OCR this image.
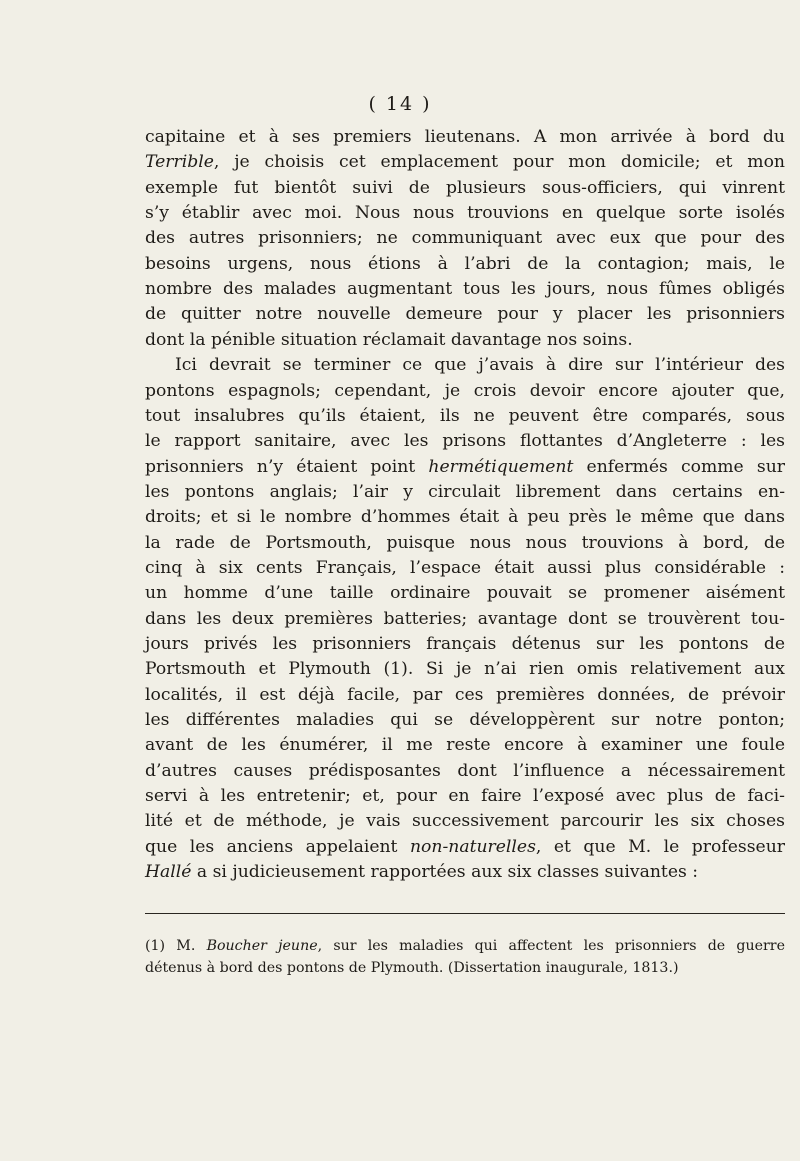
( 14 )
capitaine et à ses premiers lieutenans. A mon arrivée à bord du
Terrible, je choisis cet emplacement pour mon domicile; et mon
exemple fut bientôt suivi de plusieurs sous-officiers, qui vinrent
s’y établir avec moi. Nous nous trouvions en quelque sorte isolés
des autres prisonniers; ne communiquant avec eux que pour des
besoins urgens, nous étions à l’abri de la contagion; mais, le
nombre des malades augmentant tous les jours, nous fûmes obligés
de quitter notre nouvelle demeure pour y placer les prisonniers
dont la pénible situation réclamait davantage nos soins.
Ici devrait se terminer ce que j’avais à dire sur l’intérieur des
pontons espagnols; cependant, je crois devoir encore ajouter que,
tout insalubres qu’ils étaient, ils ne peuvent être comparés, sous
le rapport sanitaire, avec les prisons flottantes d’Angleterre : les
prisonniers n’y étaient point hermétiquement enfermés comme sur
les pontons anglais; l’air y circulait librement dans certains en-
droits; et si le nombre d’hommes était à peu près le même que dans
la rade de Portsmouth, puisque nous nous trouvions à bord, de
cinq à six cents Français, l’espace était aussi plus considérable :
un homme d’une taille ordinaire pouvait se promener aisément
dans les deux premières batteries; avantage dont se trouvèrent tou-
jours privés les prisonniers français détenus sur les pontons de
Portsmouth et Plymouth (1). Si je n’ai rien omis relativement aux
localités, il est déjà facile, par ces premières données, de prévoir
les différentes maladies qui se développèrent sur notre ponton;
avant de les énumérer, il me reste encore à examiner une foule
d’autres causes prédisposantes dont l’influence a nécessairement
servi à les entretenir; et, pour en faire l’exposé avec plus de faci-
lité et de méthode, je vais successivement parcourir les six choses
que les anciens appelaient non-naturelles, et que M. le professeur
Hallé a si judicieusement rapportées aux six classes suivantes :
(1) M. Boucher jeune, sur les maladies qui affectent les prisonniers de guerre
détenus à bord des pontons de Plymouth. (Dissertation inaugurale, 1813.)
